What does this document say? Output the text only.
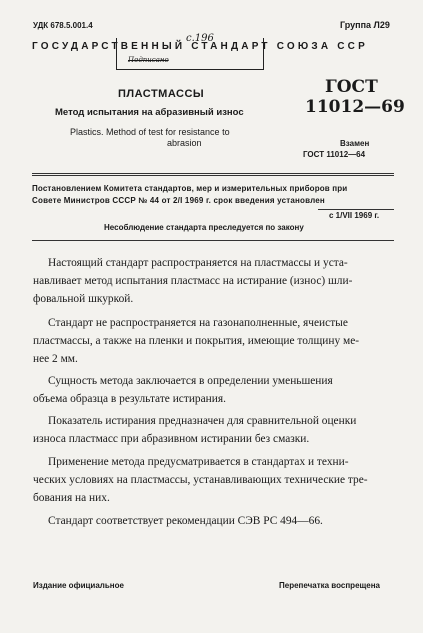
УДК 678.5.001.4	Группа Л29
ГОСУДАРСТВЕННЫЙ СТАНДАРТ СОЮЗА ССР
с.196
Подписано
ПЛАСТМАССЫ
Метод испытания на абразивный износ
Plastics. Method of test for resistance to
abrasion
ГОСТ
11012—69
Взамен
ГОСТ 11012—64
Постановлением Комитета стандартов, мер и измерительных приборов при
Совете Министров СССР № 44 от 2/I 1969 г. срок введения установлен
с 1/VII 1969 г.
Несоблюдение стандарта преследуется по закону
Настоящий стандарт распространяется на пластмассы и уста-
навливает метод испытания пластмасс на истирание (износ) шли-
фовальной шкуркой.
Стандарт не распространяется на газонаполненные, ячеистые
пластмассы, а также на пленки и покрытия, имеющие толщину ме-
нее 2 мм.
Сущность метода заключается в определении уменьшения
объема образца в результате истирания.
Показатель истирания предназначен для сравнительной оценки
износа пластмасс при абразивном истирании без смазки.
Применение метода предусматривается в стандартах и техни-
ческих условиях на пластмассы, устанавливающих технические тре-
бования на них.
Стандарт соответствует рекомендации СЭВ РС 494—66.
Издание официальное	Перепечатка воспрещена
